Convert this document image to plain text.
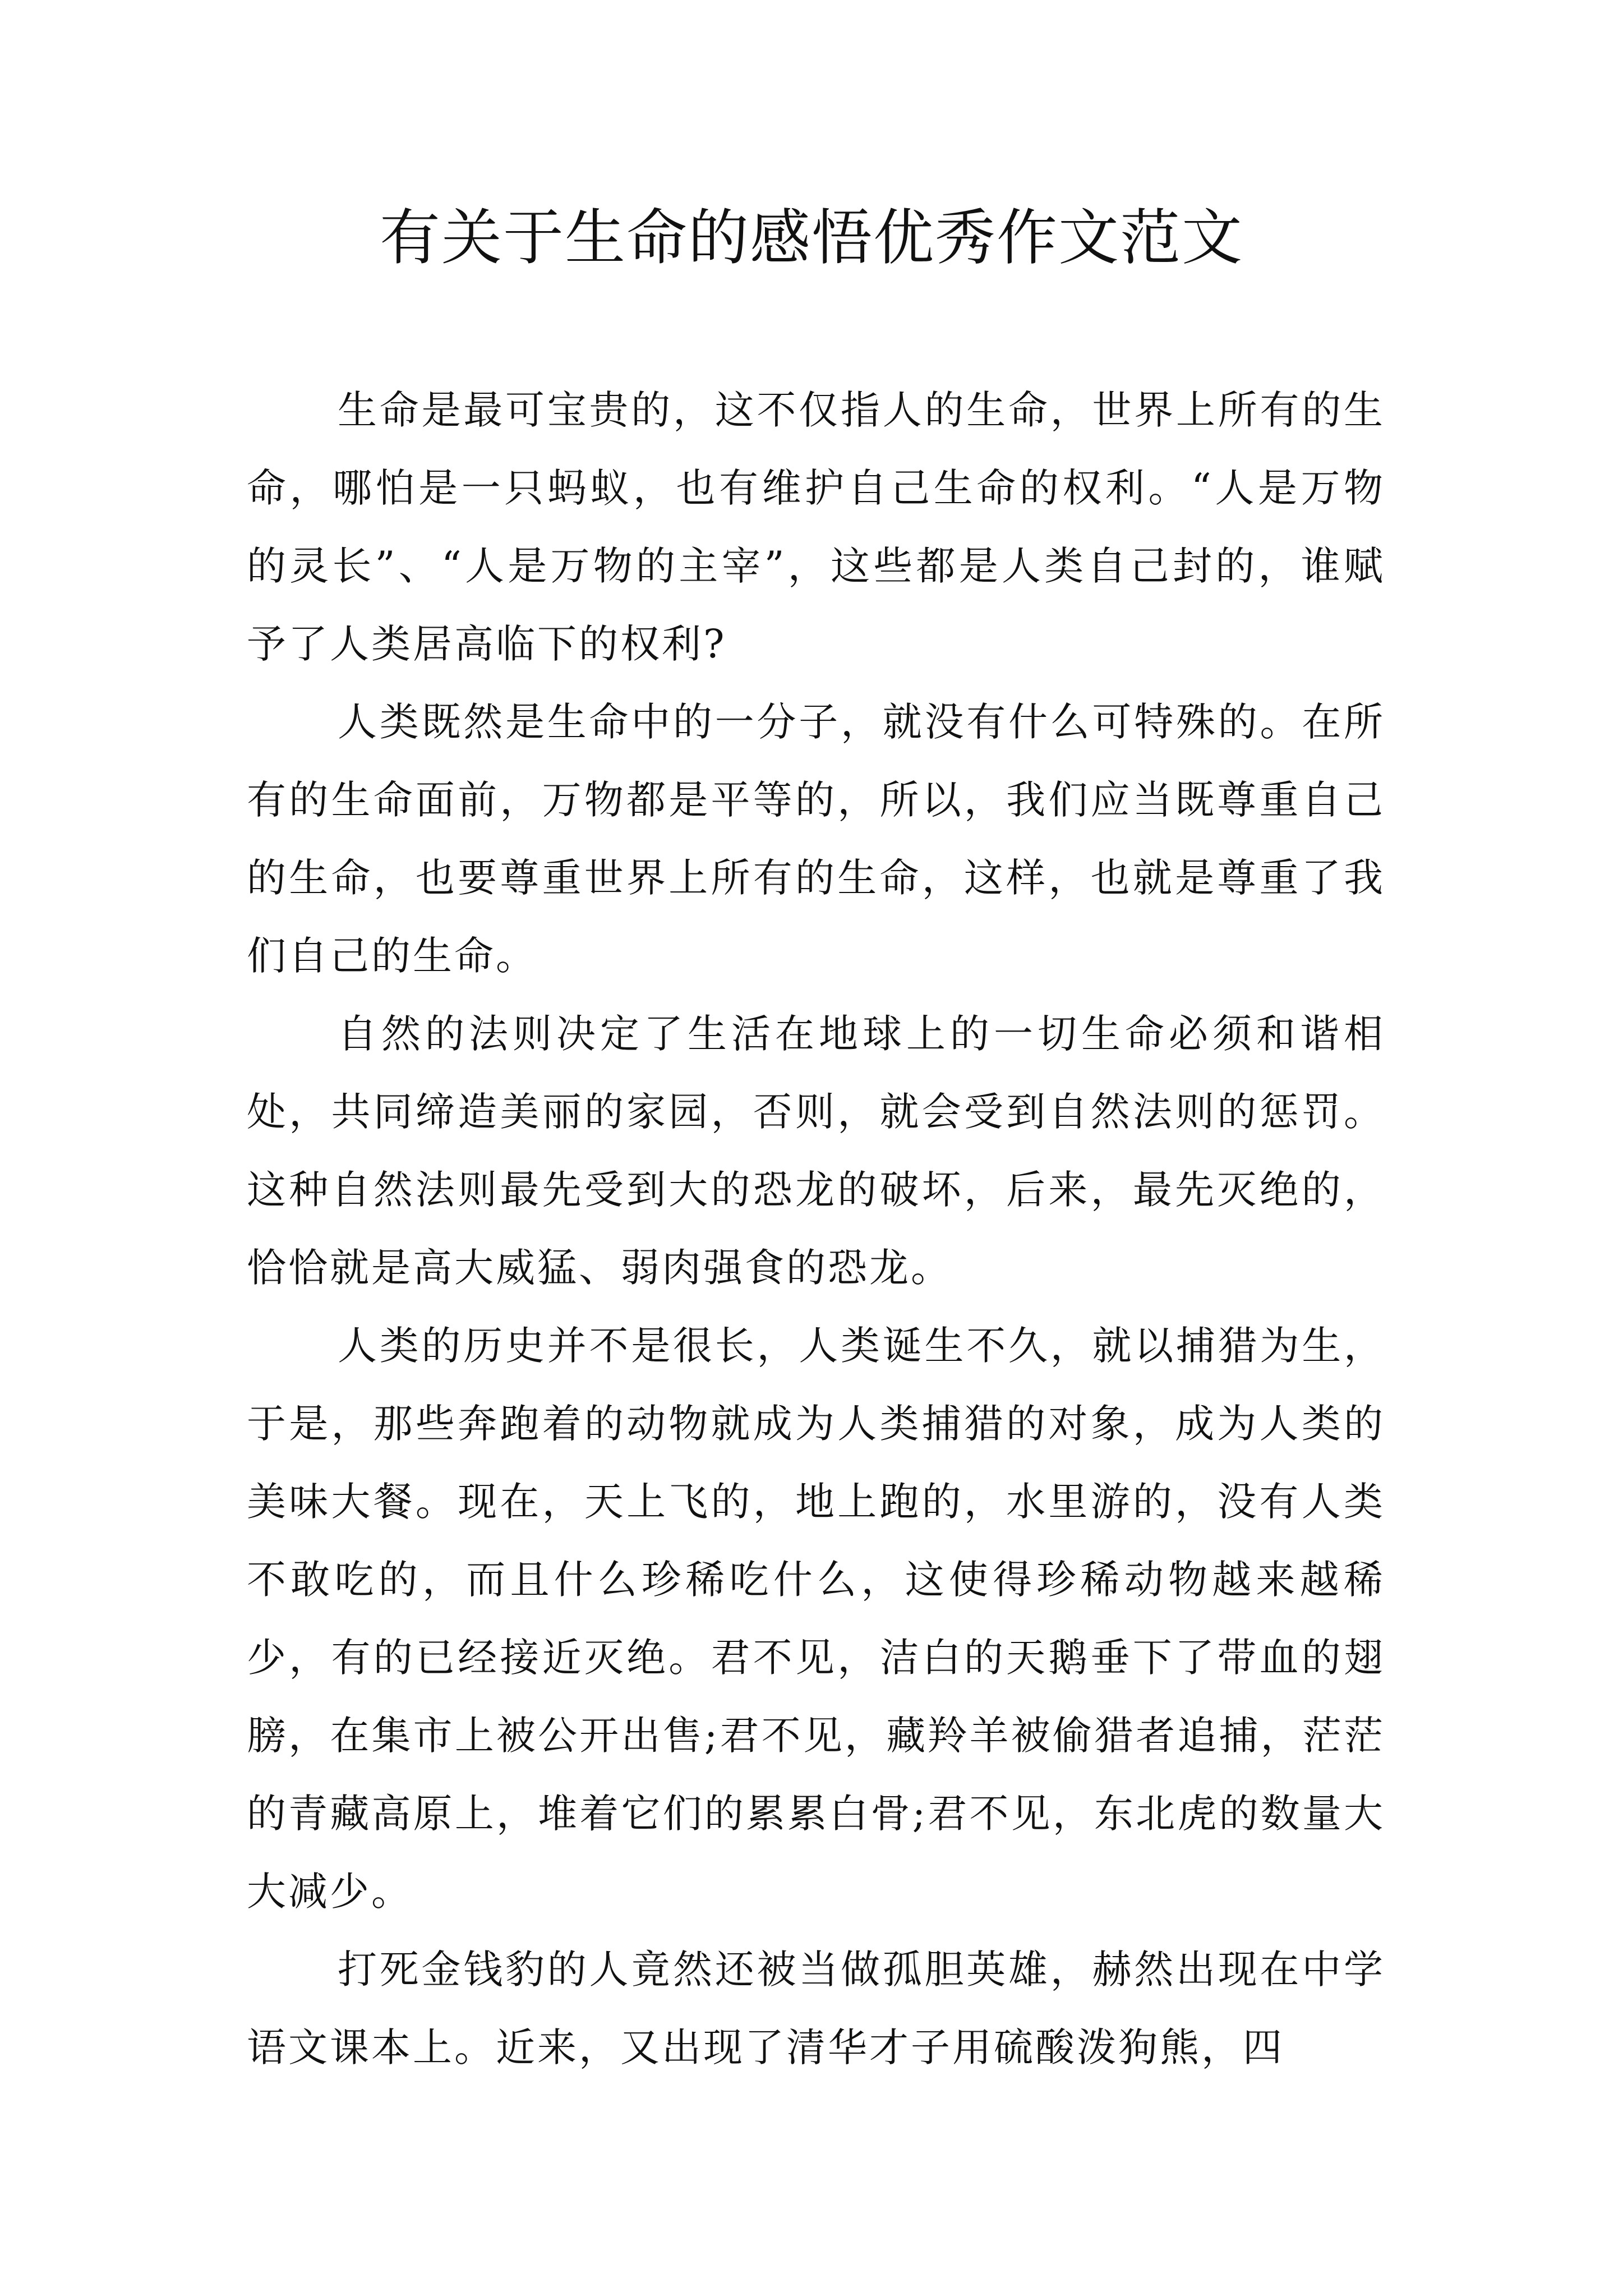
有关于生命的感悟优秀作文范文

生命是最可宝贵的，这不仅指人的生命，世界上所有的生命，哪怕是一只蚂蚁，也有维护自己生命的权利。“人是万物的灵长”、“人是万物的主宰”，这些都是人类自己封的，谁赋予了人类居高临下的权利?

人类既然是生命中的一分子，就没有什么可特殊的。在所有的生命面前，万物都是平等的，所以，我们应当既尊重自己的生命，也要尊重世界上所有的生命，这样，也就是尊重了我们自己的生命。

自然的法则决定了生活在地球上的一切生命必须和谐相处，共同缔造美丽的家园，否则，就会受到自然法则的惩罚。这种自然法则最先受到大的恐龙的破坏，后来，最先灭绝的，恰恰就是高大威猛、弱肉强食的恐龙。

人类的历史并不是很长，人类诞生不久，就以捕猎为生，于是，那些奔跑着的动物就成为人类捕猎的对象，成为人类的美味大餐。现在，天上飞的，地上跑的，水里游的，没有人类不敢吃的，而且什么珍稀吃什么，这使得珍稀动物越来越稀少，有的已经接近灭绝。君不见，洁白的天鹅垂下了带血的翅膀，在集市上被公开出售;君不见，藏羚羊被偷猎者追捕，茫茫的青藏高原上，堆着它们的累累白骨;君不见，东北虎的数量大大减少。

打死金钱豹的人竟然还被当做孤胆英雄，赫然出现在中学语文课本上。近来，又出现了清华才子用硫酸泼狗熊，四
